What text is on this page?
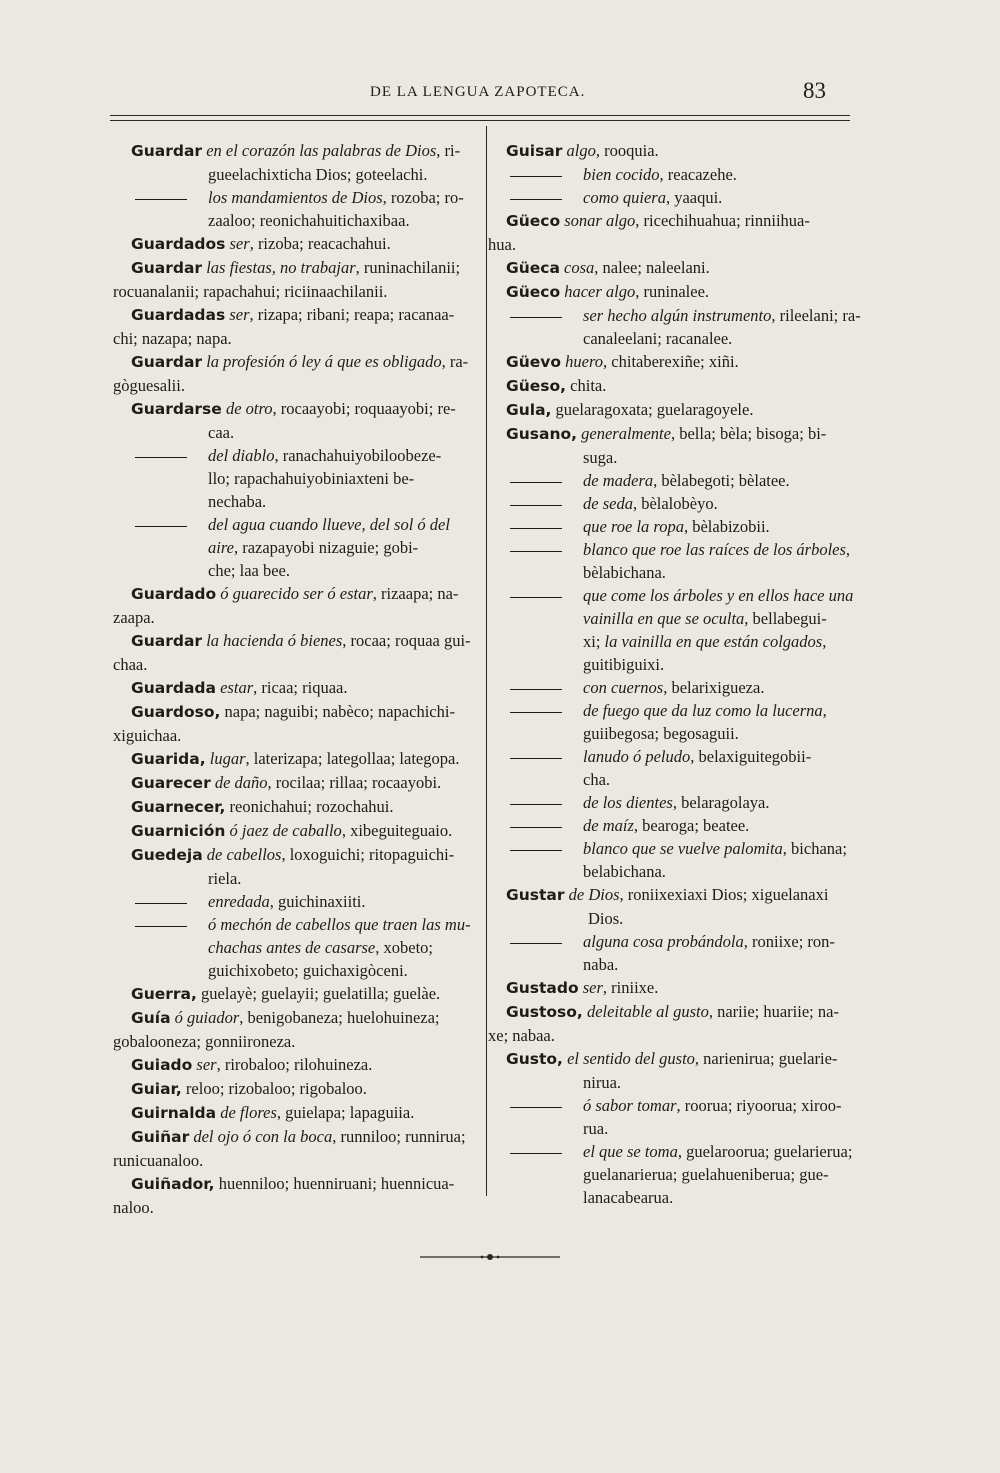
DE LA LENGUA ZAPOTECA.	83
Guardar en el corazón las palabras de Dios, ri-
gueelachixticha Dios; goteelachi.
los mandamientos de Dios, rozoba; ro-
zaaloo; reonichahuitichaxibaa.
Guardados ser, rizoba; reacachahui.
Guardar las fiestas, no trabajar, runinachilanii;
rocuanalanii; rapachahui; riciinaachilanii.
Guardadas ser, rizapa; ribani; reapa; racanaa-
chi; nazapa; napa.
Guardar la profesión ó ley á que es obligado, ra-
gòguesalii.
Guardarse de otro, rocaayobi; roquaayobi; re-
caa.
del diablo, ranachahuiyobiloobeze-
llo; rapachahuiyobiniaxteni be-
nechaba.
del agua cuando llueve, del sol ó del
aire, razapayobi nizaguie; gobi-
che; laa bee.
Guardado ó guarecido ser ó estar, rizaapa; na-
zaapa.
Guardar la hacienda ó bienes, rocaa; roquaa gui-
chaa.
Guardada estar, ricaa; riquaa.
Guardoso, napa; naguibi; nabèco; napachichi-
xiguichaa.
Guarida, lugar, laterizapa; lategollaa; lategopa.
Guarecer de daño, rocilaa; rillaa; rocaayobi.
Guarnecer, reonichahui; rozochahui.
Guarnición ó jaez de caballo, xibeguiteguaio.
Guedeja de cabellos, loxoguichi; ritopaguichi-
riela.
enredada, guichinaxiiti.
ó mechón de cabellos que traen las mu-
chachas antes de casarse, xobeto;
guichixobeto; guichaxigòceni.
Guerra, guelayè; guelayii; guelatilla; guelàe.
Guía ó guiador, benigobaneza; huelohuineza;
gobalooneza; gonniironeza.
Guiado ser, rirobaloo; rilohuineza.
Guiar, reloo; rizobaloo; rigobaloo.
Guirnalda de flores, guielapa; lapaguiia.
Guiñar del ojo ó con la boca, runniloo; runnirua;
runicuanaloo.
Guiñador, huenniloo; huenniruani; huennicua-
naloo.
Guisar algo, rooquia.
bien cocido, reacazehe.
como quiera, yaaqui.
Güeco sonar algo, ricechihuahua; rinniihua-
hua.
Güeca cosa, nalee; naleelani.
Güeco hacer algo, runinalee.
ser hecho algún instrumento, rileelani; ra-
canaleelani; racanalee.
Güevo huero, chitaberexiñe; xiñi.
Güeso, chita.
Gula, guelaragoxata; guelaragoyele.
Gusano, generalmente, bella; bèla; bisoga; bi-
suga.
de madera, bèlabegoti; bèlatee.
de seda, bèlalobèyo.
que roe la ropa, bèlabizobii.
blanco que roe las raíces de los árboles,
bèlabichana.
que come los árboles y en ellos hace una
vainilla en que se oculta, bellabegui-
xi; la vainilla en que están colgados,
guitibiguixi.
con cuernos, belarixigueza.
de fuego que da luz como la lucerna,
guiibegosa; begosaguii.
lanudo ó peludo, belaxiguitegobii-
cha.
de los dientes, belaragolaya.
de maíz, bearoga; beatee.
blanco que se vuelve palomita, bichana;
belabichana.
Gustar de Dios, roniixexiaxi Dios; xiguelanaxi
Dios.
alguna cosa probándola, roniixe; ron-
naba.
Gustado ser, riniixe.
Gustoso, deleitable al gusto, nariie; huariie; na-
xe; nabaa.
Gusto, el sentido del gusto, narienirua; guelarie-
nirua.
ó sabor tomar, roorua; riyoorua; xiroo-
rua.
el que se toma, guelaroorua; guelarierua;
guelanarierua; guelahueniberua; gue-
lanacabearua.
